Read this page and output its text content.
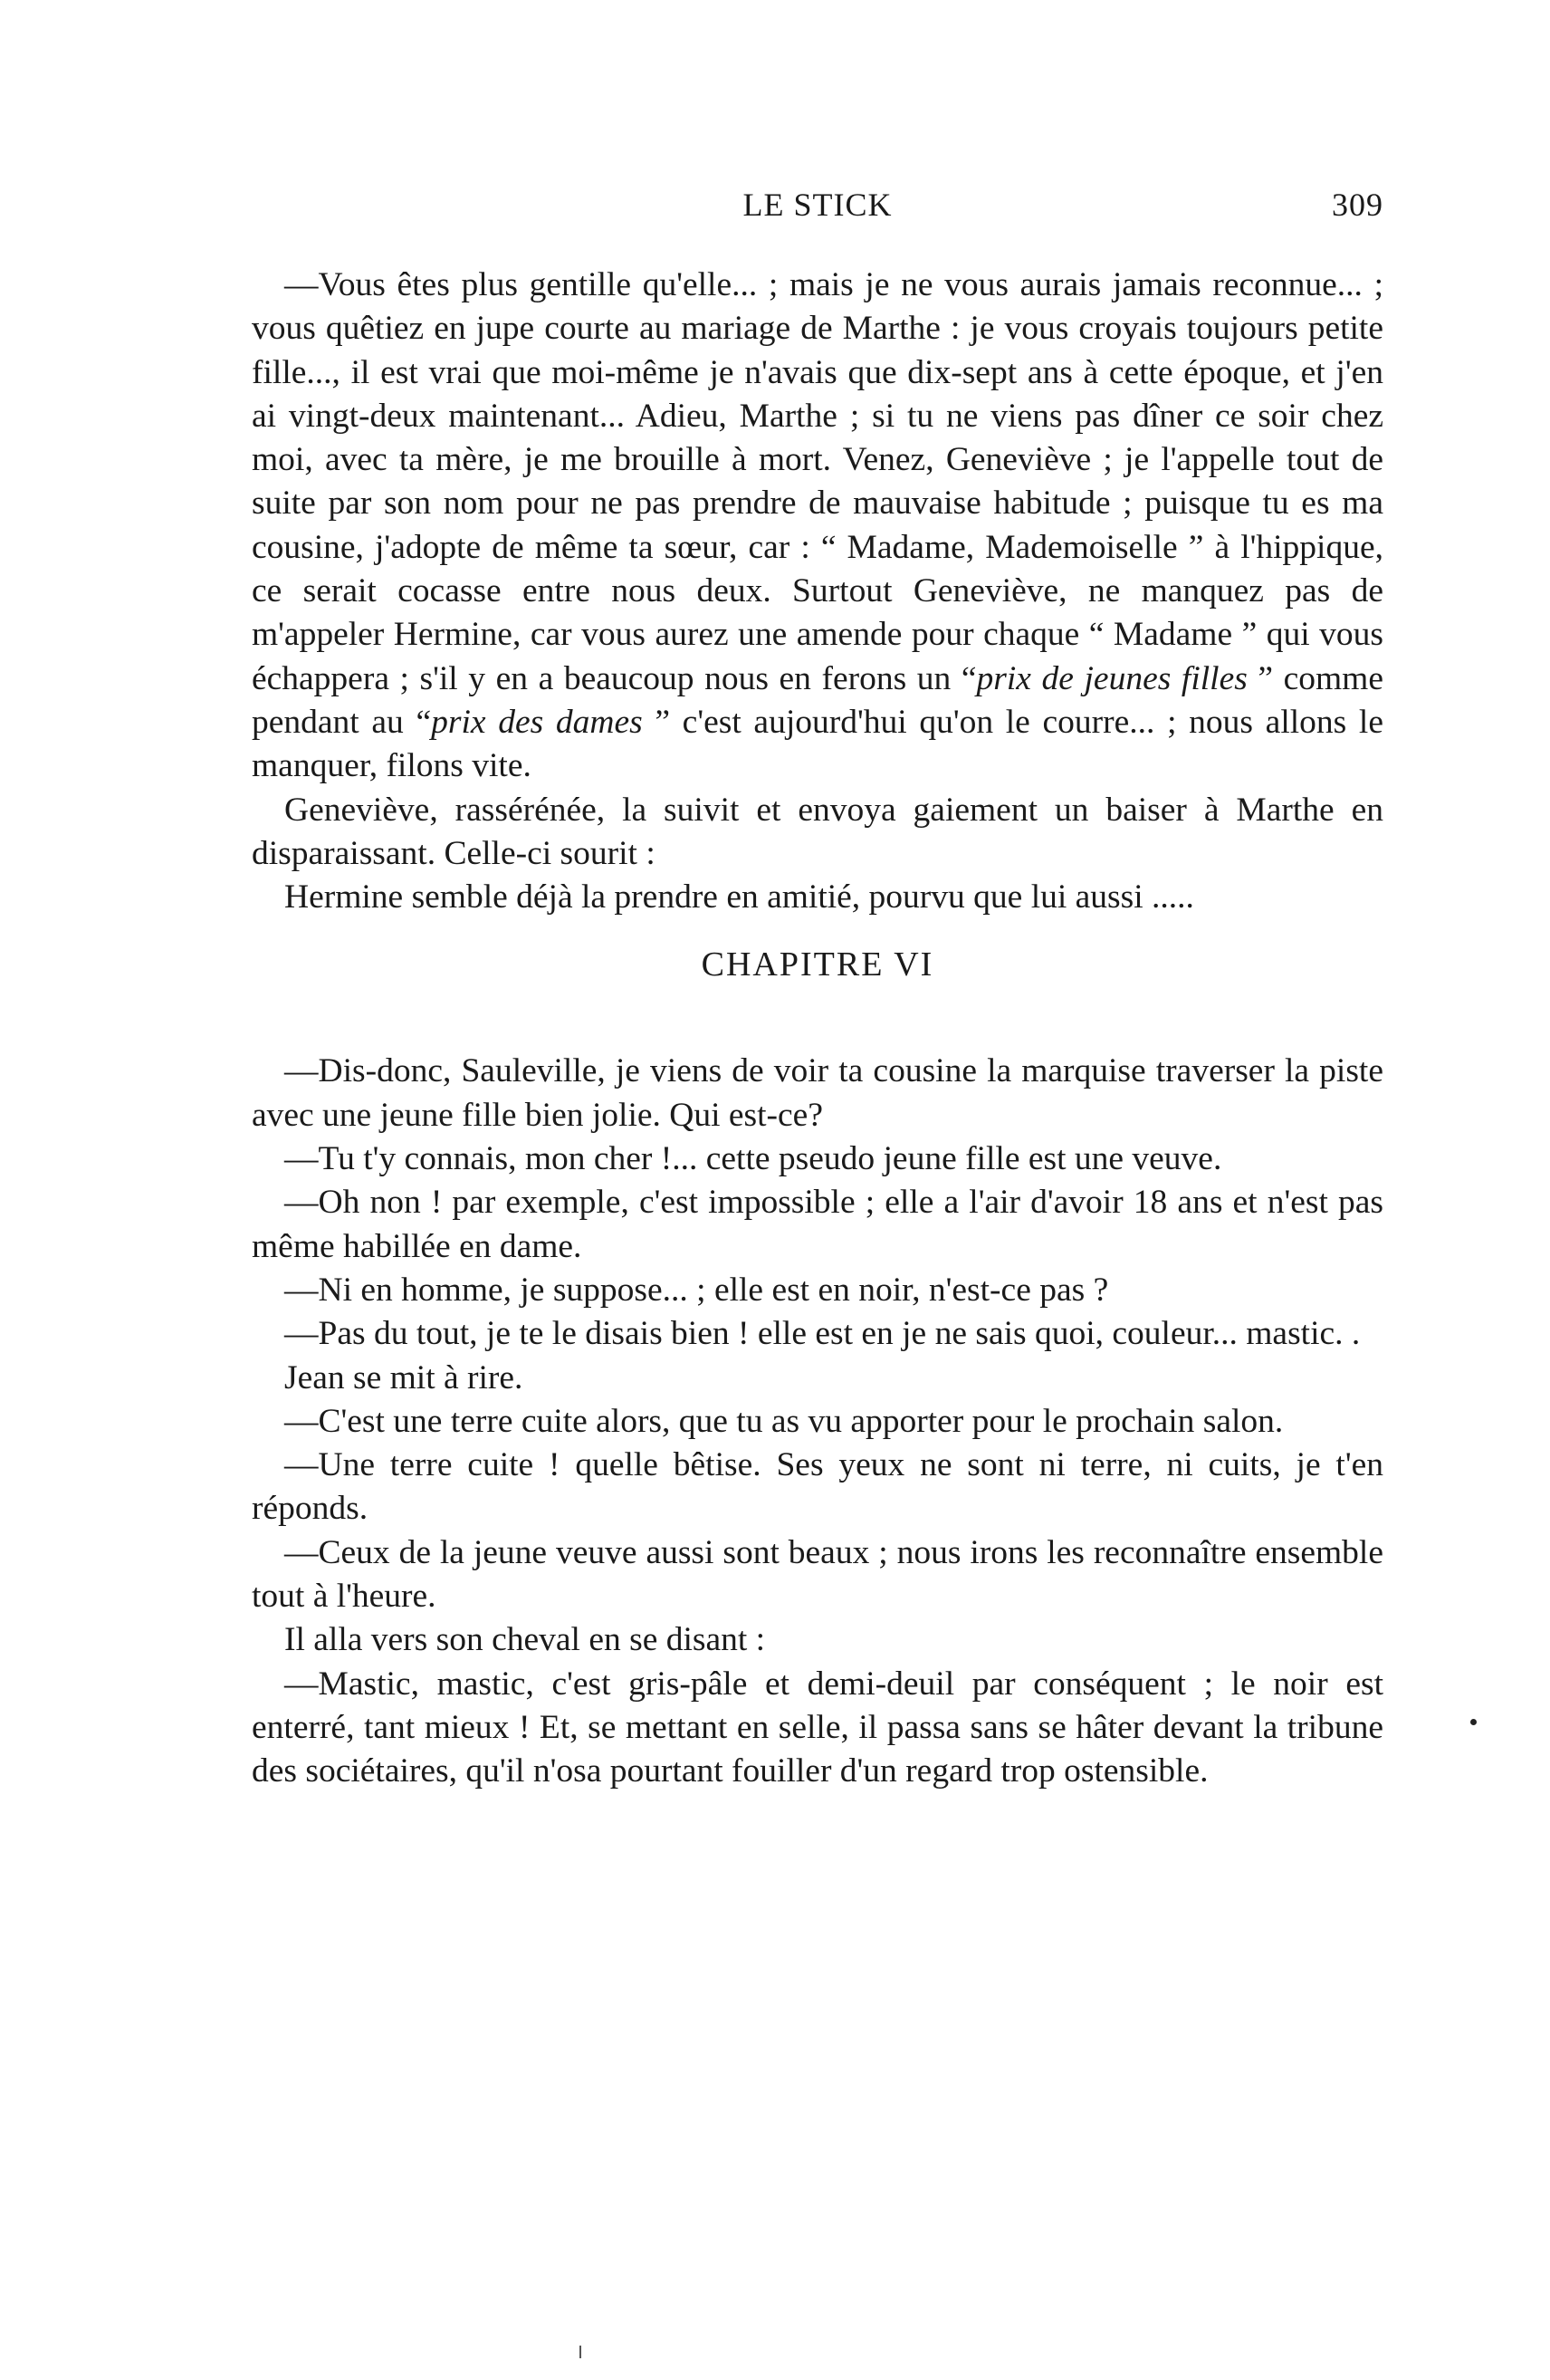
LE STICK	309

—Vous êtes plus gentille qu'elle... ; mais je ne vous aurais jamais reconnue... ; vous quêtiez en jupe courte au mariage de Marthe : je vous croyais toujours petite fille..., il est vrai que moi-même je n'avais que dix-sept ans à cette époque, et j'en ai vingt-deux maintenant... Adieu, Marthe ; si tu ne viens pas dîner ce soir chez moi, avec ta mère, je me brouille à mort. Venez, Geneviève ; je l'appelle tout de suite par son nom pour ne pas prendre de mauvaise habitude ; puisque tu es ma cousine, j'adopte de même ta sœur, car : “ Madame, Mademoiselle ” à l'hippique, ce serait cocasse entre nous deux. Surtout Geneviève, ne manquez pas de m'appeler Hermine, car vous aurez une amende pour chaque “ Madame ” qui vous échappera ; s'il y en a beaucoup nous en ferons un “prix de jeunes filles ” comme pendant au “prix des dames ” c'est aujourd'hui qu'on le courre... ; nous allons le manquer, filons vite.

Geneviève, rassérénée, la suivit et envoya gaiement un baiser à Marthe en disparaissant. Celle-ci sourit :

Hermine semble déjà la prendre en amitié, pourvu que lui aussi .....

CHAPITRE VI

—Dis-donc, Sauleville, je viens de voir ta cousine la marquise traverser la piste avec une jeune fille bien jolie. Qui est-ce?

—Tu t'y connais, mon cher !... cette pseudo jeune fille est une veuve.

—Oh non ! par exemple, c'est impossible ; elle a l'air d'avoir 18 ans et n'est pas même habillée en dame.

—Ni en homme, je suppose... ; elle est en noir, n'est-ce pas ?

—Pas du tout, je te le disais bien ! elle est en je ne sais quoi, couleur... mastic. .

Jean se mit à rire.

—C'est une terre cuite alors, que tu as vu apporter pour le prochain salon.

—Une terre cuite ! quelle bêtise. Ses yeux ne sont ni terre, ni cuits, je t'en réponds.

—Ceux de la jeune veuve aussi sont beaux ; nous irons les reconnaître ensemble tout à l'heure.

Il alla vers son cheval en se disant :

—Mastic, mastic, c'est gris-pâle et demi-deuil par conséquent ; le noir est enterré, tant mieux ! Et, se mettant en selle, il passa sans se hâter devant la tribune des sociétaires, qu'il n'osa pourtant fouiller d'un regard trop ostensible.
